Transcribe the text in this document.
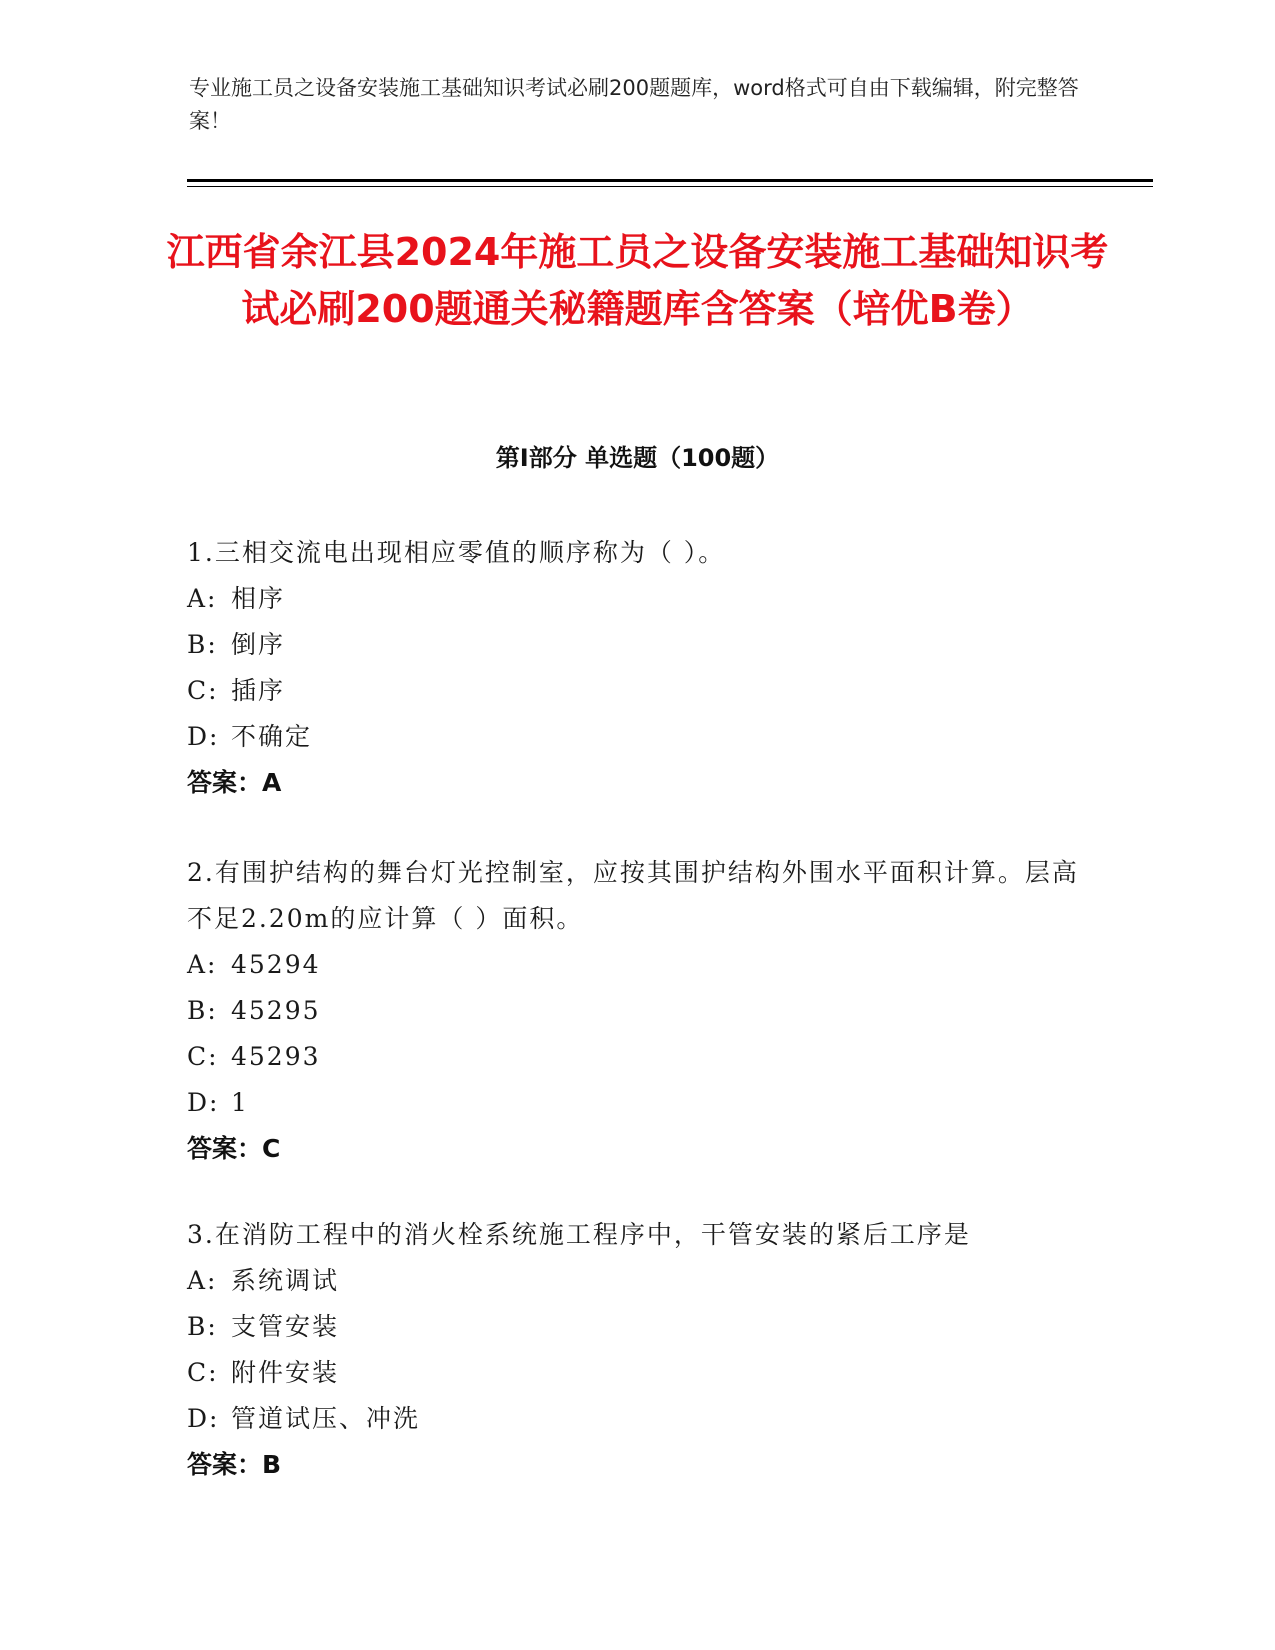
专业施工员之设备安装施工基础知识考试必刷200题题库，word格式可自由下载编辑，附完整答案！
江西省余江县2024年施工员之设备安装施工基础知识考试必刷200题通关秘籍题库含答案（培优B卷）
第I部分 单选题（100题）
1.三相交流电出现相应零值的顺序称为（ ）。
A: 相序
B: 倒序
C: 插序
D: 不确定
答案：A
2.有围护结构的舞台灯光控制室，应按其围护结构外围水平面积计算。层高不足2.20m的应计算（ ）面积。
A: 45294
B: 45295
C: 45293
D: 1
答案：C
3.在消防工程中的消火栓系统施工程序中，干管安装的紧后工序是
A: 系统调试
B: 支管安装
C: 附件安装
D: 管道试压、冲洗
答案：B
